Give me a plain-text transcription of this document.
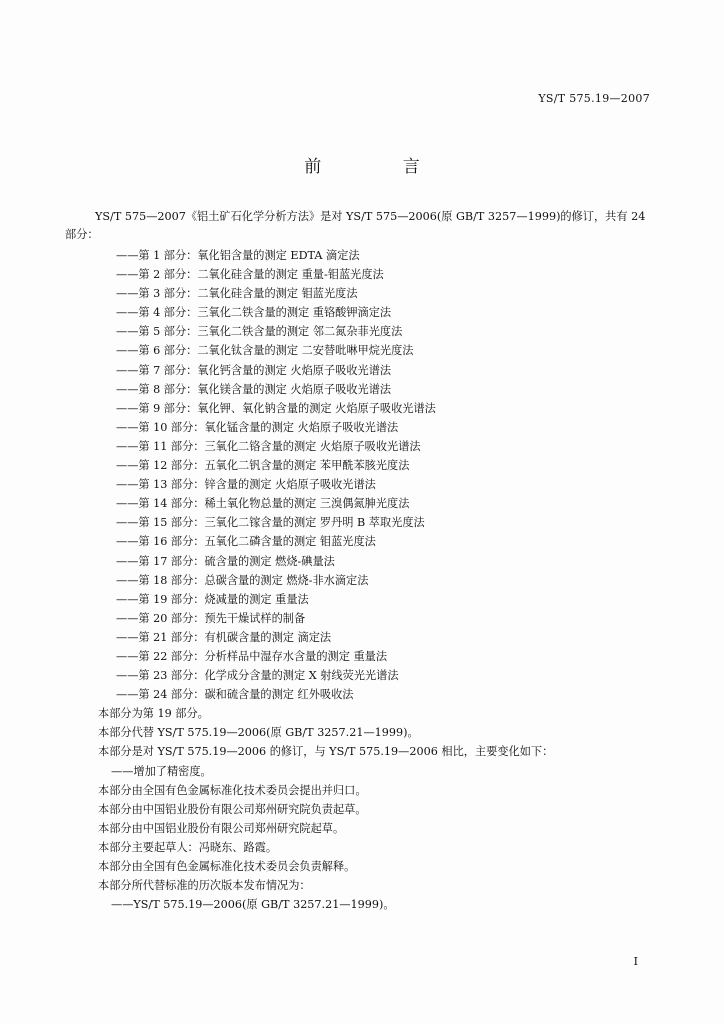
YS/T 575.19—2007
前 言

YS/T 575—2007《铝土矿石化学分析方法》是对 YS/T 575—2006(原 GB/T 3257—1999)的修订，共有 24 部分：

——第 1 部分：氧化铝含量的测定 EDTA 滴定法

——第 2 部分：二氧化硅含量的测定 重量-钼蓝光度法

——第 3 部分：二氧化硅含量的测定 钼蓝光度法

——第 4 部分：三氧化二铁含量的测定 重铬酸钾滴定法

——第 5 部分：三氧化二铁含量的测定 邻二氮杂菲光度法

——第 6 部分：二氧化钛含量的测定 二安替吡啉甲烷光度法

——第 7 部分：氧化钙含量的测定 火焰原子吸收光谱法

——第 8 部分：氧化镁含量的测定 火焰原子吸收光谱法

——第 9 部分：氧化钾、氧化钠含量的测定 火焰原子吸收光谱法

——第 10 部分：氧化锰含量的测定 火焰原子吸收光谱法

——第 11 部分：三氧化二铬含量的测定 火焰原子吸收光谱法

——第 12 部分：五氧化二钒含量的测定 苯甲酰苯胲光度法

——第 13 部分：锌含量的测定 火焰原子吸收光谱法

——第 14 部分：稀土氧化物总量的测定 三溴偶氮胂光度法

——第 15 部分：三氧化二镓含量的测定 罗丹明 B 萃取光度法

——第 16 部分：五氧化二磷含量的测定 钼蓝光度法

——第 17 部分：硫含量的测定 燃烧-碘量法

——第 18 部分：总碳含量的测定 燃烧-非水滴定法

——第 19 部分：烧减量的测定 重量法

——第 20 部分：预先干燥试样的制备

——第 21 部分：有机碳含量的测定 滴定法

——第 22 部分：分析样品中湿存水含量的测定 重量法

——第 23 部分：化学成分含量的测定 X 射线荧光光谱法

——第 24 部分：碳和硫含量的测定 红外吸收法

本部分为第 19 部分。

本部分代替 YS/T 575.19—2006(原 GB/T 3257.21—1999)。

本部分是对 YS/T 575.19—2006 的修订，与 YS/T 575.19—2006 相比，主要变化如下：

——增加了精密度。

本部分由全国有色金属标准化技术委员会提出并归口。

本部分由中国铝业股份有限公司郑州研究院负责起草。

本部分由中国铝业股份有限公司郑州研究院起草。

本部分主要起草人：冯晓东、路霞。

本部分由全国有色金属标准化技术委员会负责解释。

本部分所代替标准的历次版本发布情况为：

——YS/T 575.19—2006(原 GB/T 3257.21—1999)。

I
